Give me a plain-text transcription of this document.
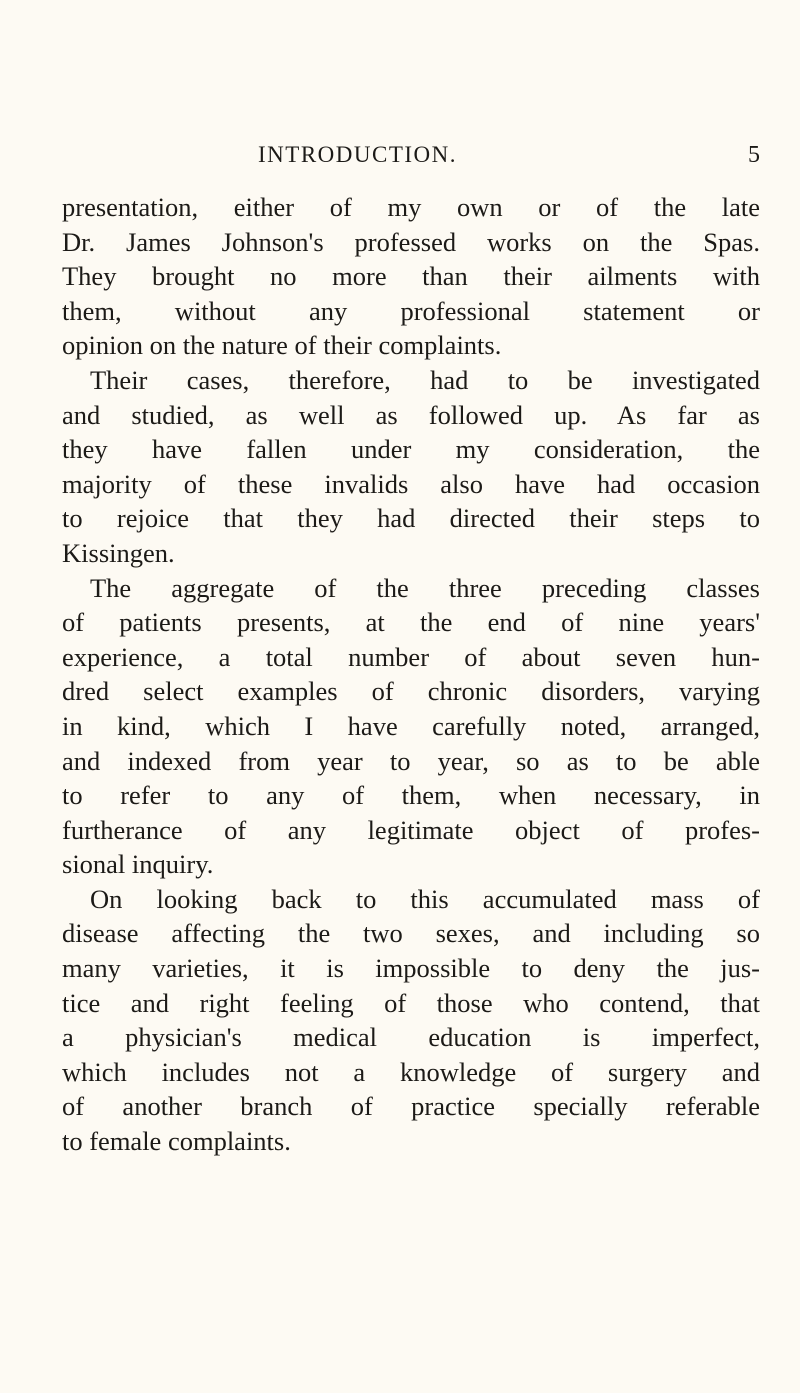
INTRODUCTION.	5
presentation, either of my own or of the late
Dr. James Johnson's professed works on the Spas.
They brought no more than their ailments with
them, without any professional statement or
opinion on the nature of their complaints.
Their cases, therefore, had to be investigated
and studied, as well as followed up. As far as
they have fallen under my consideration, the
majority of these invalids also have had occasion
to rejoice that they had directed their steps to
Kissingen.
The aggregate of the three preceding classes
of patients presents, at the end of nine years'
experience, a total number of about seven hun-
dred select examples of chronic disorders, varying
in kind, which I have carefully noted, arranged,
and indexed from year to year, so as to be able
to refer to any of them, when necessary, in
furtherance of any legitimate object of profes-
sional inquiry.
On looking back to this accumulated mass of
disease affecting the two sexes, and including so
many varieties, it is impossible to deny the jus-
tice and right feeling of those who contend, that
a physician's medical education is imperfect,
which includes not a knowledge of surgery and
of another branch of practice specially referable
to female complaints.
